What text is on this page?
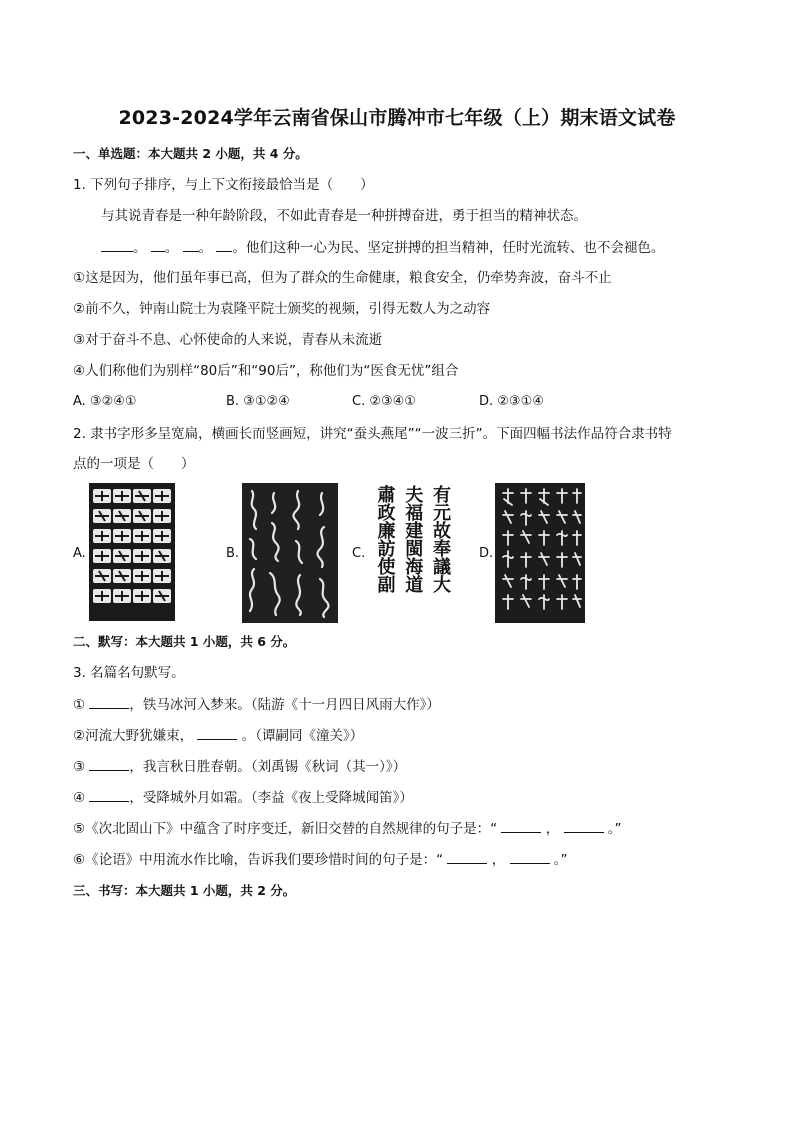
2023-2024学年云南省保山市腾冲市七年级（上）期末语文试卷
一、单选题：本大题共 2 小题，共 4 分。
1. 下列句子排序，与上下文衔接最恰当是（　　）
与其说青春是一种年龄阶段，不如此青春是一种拼搏奋进，勇于担当的精神状态。
。 。 。 。他们这种一心为民、坚定拼搏的担当精神，任时光流转、也不会褪色。
①这是因为，他们虽年事已高，但为了群众的生命健康，粮食安全，仍牵势奔波，奋斗不止
②前不久，钟南山院士为袁隆平院士颁奖的视频，引得无数人为之动容
③对于奋斗不息、心怀使命的人来说，青春从未流逝
④人们称他们为别样“80后”和“90后”，称他们为“医食无忧”组合
A. ③②④①	B. ③①②④	C. ②③④①	D. ②③①④
2. 隶书字形多呈宽扁，横画长而竖画短，讲究“蚕头燕尾”“一波三折”。下面四幅书法作品符合隶书特
点的一项是（　　）
A.	B.	C.	有元故奉議大
夫福建閩海道
肅政廉訪使副	D.
二、默写：本大题共 1 小题，共 6 分。
3. 名篇名句默写。
①	，铁马冰河入梦来。（陆游《十一月四日风雨大作》）
②河流大野犹嫌束，	。（谭嗣同《潼关》）
③	，我言秋日胜春朝。（刘禹锡《秋词（其一）》）
④	，受降城外月如霜。（李益《夜上受降城闻笛》）
⑤《次北固山下》中蕴含了时序变迁，新旧交替的自然规律的句子是：“	，	。”
⑥《论语》中用流水作比喻，告诉我们要珍惜时间的句子是：“	，	。”
三、书写：本大题共 1 小题，共 2 分。
